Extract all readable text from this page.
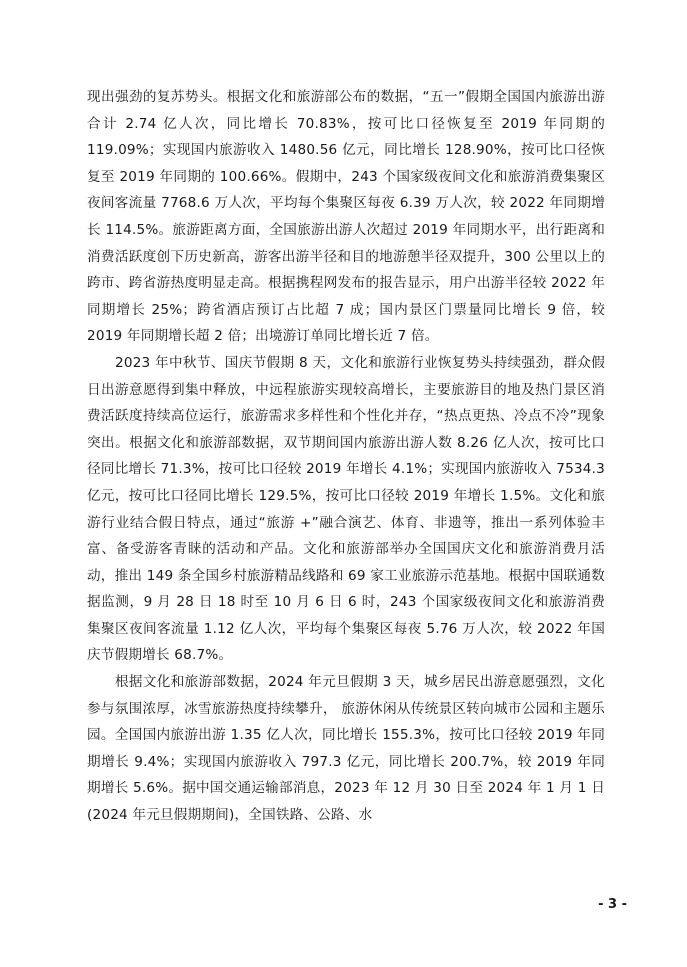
现出强劲的复苏势头。根据文化和旅游部公布的数据，“五一”假期全国国内旅游出游合计 2.74 亿人次，同比增长 70.83%，按可比口径恢复至 2019 年同期的 119.09%；实现国内旅游收入 1480.56 亿元，同比增长 128.90%，按可比口径恢复至 2019 年同期的 100.66%。假期中，243 个国家级夜间文化和旅游消费集聚区夜间客流量 7768.6 万人次，平均每个集聚区每夜 6.39 万人次，较 2022 年同期增长 114.5%。旅游距离方面，全国旅游出游人次超过 2019 年同期水平，出行距离和消费活跃度创下历史新高，游客出游半径和目的地游憩半径双提升，300 公里以上的跨市、跨省游热度明显走高。根据携程网发布的报告显示，用户出游半径较 2022 年同期增长 25%；跨省酒店预订占比超 7 成；国内景区门票量同比增长 9 倍，较 2019 年同期增长超 2 倍；出境游订单同比增长近 7 倍。

2023 年中秋节、国庆节假期 8 天，文化和旅游行业恢复势头持续强劲，群众假日出游意愿得到集中释放，中远程旅游实现较高增长，主要旅游目的地及热门景区消费活跃度持续高位运行，旅游需求多样性和个性化并存，“热点更热、冷点不冷”现象突出。根据文化和旅游部数据，双节期间国内旅游出游人数 8.26 亿人次，按可比口径同比增长 71.3%，按可比口径较 2019 年增长 4.1%；实现国内旅游收入 7534.3 亿元，按可比口径同比增长 129.5%，按可比口径较 2019 年增长 1.5%。文化和旅游行业结合假日特点，通过“旅游 +”融合演艺、体育、非遗等，推出一系列体验丰富、备受游客青睐的活动和产品。文化和旅游部举办全国国庆文化和旅游消费月活动，推出 149 条全国乡村旅游精品线路和 69 家工业旅游示范基地。根据中国联通数据监测，9 月 28 日 18 时至 10 月 6 日 6 时，243 个国家级夜间文化和旅游消费集聚区夜间客流量 1.12 亿人次，平均每个集聚区每夜 5.76 万人次，较 2022 年国庆节假期增长 68.7%。

根据文化和旅游部数据，2024 年元旦假期 3 天，城乡居民出游意愿强烈，文化参与氛围浓厚，冰雪旅游热度持续攀升， 旅游休闲从传统景区转向城市公园和主题乐园。全国国内旅游出游 1.35 亿人次，同比增长 155.3%，按可比口径较 2019 年同期增长 9.4%；实现国内旅游收入 797.3 亿元，同比增长 200.7%，较 2019 年同期增长 5.6%。据中国交通运输部消息，2023 年 12 月 30 日至 2024 年 1 月 1 日 (2024 年元旦假期期间)，全国铁路、公路、水

- 3 -
